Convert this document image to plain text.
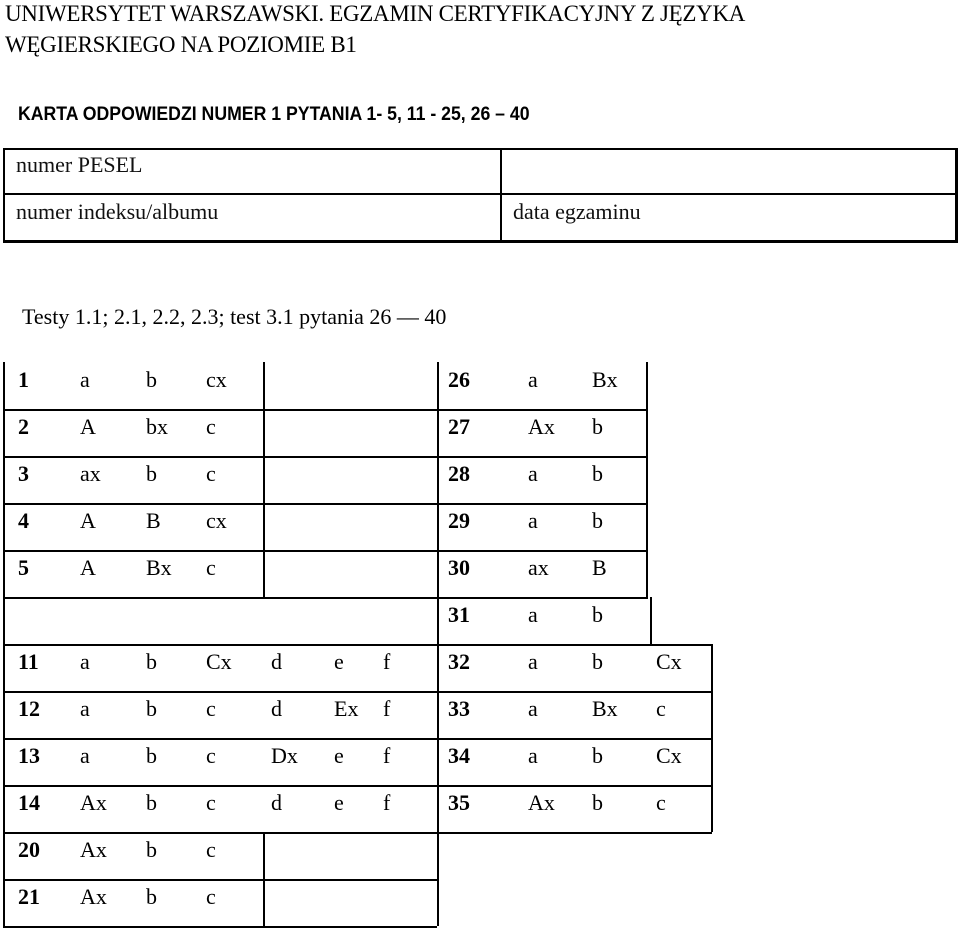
UNIWERSYTET WARSZAWSKI. EGZAMIN CERTYFIKACYJNY Z JĘZYKA
WĘGIERSKIEGO NA POZIOMIE B1
KARTA ODPOWIEDZI NUMER 1 PYTANIA 1- 5, 11 - 25, 26 – 40
numer PESEL
numer indeksu/albumu	data egzaminu
Testy 1.1; 2.1, 2.2, 2.3; test 3.1 pytania 26 — 40
1 a	b cx
2 A bx c
3 ax b c
4 A B cx
5 A Bx c
11 a	b Cx d e f
12 a	b c	d Ex f
13 a	b c	Dx e f
14 Ax b c	d e f
20 Ax b c
21 Ax b c
26	a Bx
27	Ax b
28	a b
29	a b
30	ax B
31	a b
32	a b Cx
33	a Bx c
34	a b Cx
35	Ax b c
